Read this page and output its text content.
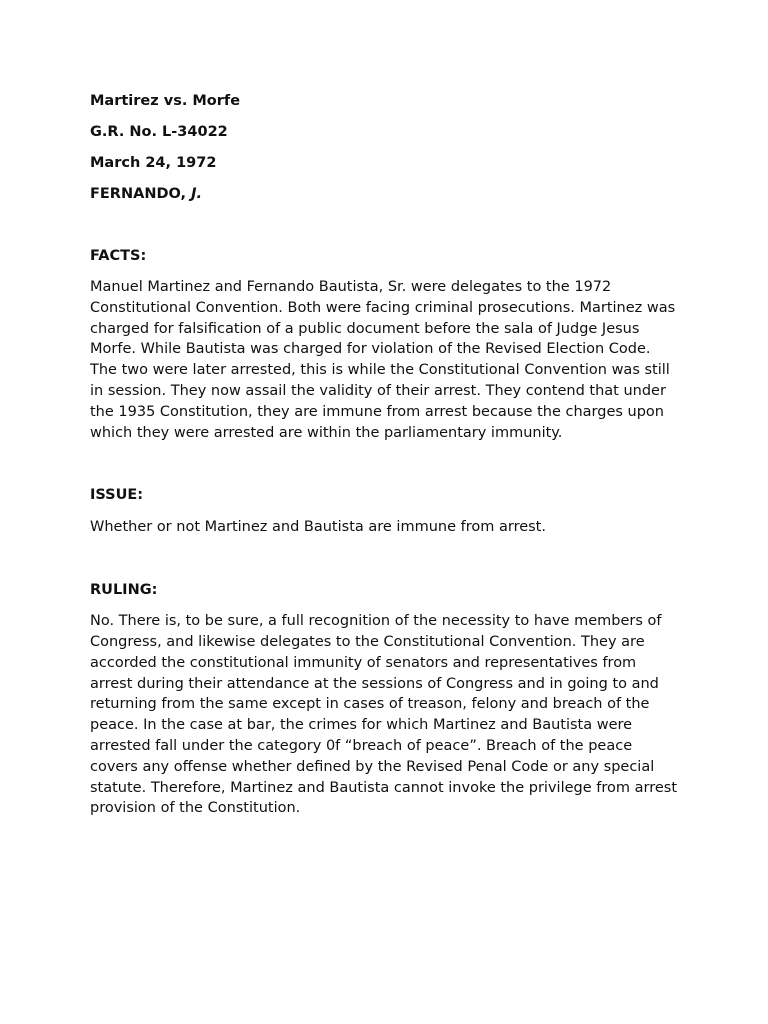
Martirez vs. Morfe

G.R. No. L-34022

March 24, 1972

FERNANDO, J.

FACTS:

Manuel Martinez and Fernando Bautista, Sr. were delegates to the 1972 Constitutional Convention. Both were facing criminal prosecutions. Martinez was charged for falsification of a public document before the sala of Judge Jesus Morfe. While Bautista was charged for violation of the Revised Election Code. The two were later arrested, this is while the Constitutional Convention was still in session. They now assail the validity of their arrest. They contend that under the 1935 Constitution, they are immune from arrest because the charges upon which they were arrested are within the parliamentary immunity.

ISSUE:

Whether or not Martinez and Bautista are immune from arrest.

RULING:

No. There is, to be sure, a full recognition of the necessity to have members of Congress, and likewise delegates to the Constitutional Convention. They are accorded the constitutional immunity of senators and representatives from arrest during their attendance at the sessions of Congress and in going to and returning from the same except in cases of treason, felony and breach of the peace. In the case at bar, the crimes for which Martinez and Bautista were arrested fall under the category 0f “breach of peace”. Breach of the peace covers any offense whether defined by the Revised Penal Code or any special statute. Therefore, Martinez and Bautista cannot invoke the privilege from arrest provision of the Constitution.
